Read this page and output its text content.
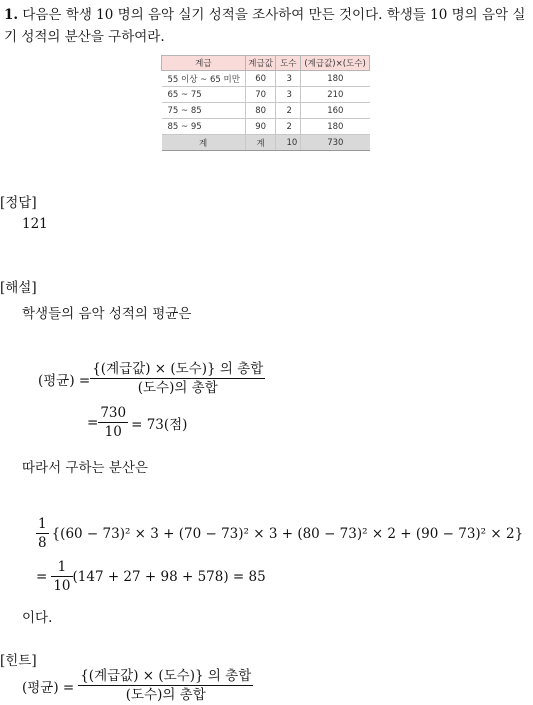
1. 다음은 학생 10 명의 음악 실기 성적을 조사하여 만든 것이다. 학생들 10 명의 음악 실기 성적의 분산을 구하여라.
계급	계급값	도수	(계급값)×(도수)
55 이상 ~ 65 미만	60	3	180
65 ~ 75	70	3	210
75 ~ 85	80	2	160
85 ~ 95	90	2	180
계	계	10	730
[정답]
121
[해설]
학생들의 음악 성적의 평균은
(평균) = $\frac{\text{\{(계급값) × (도수)\} 의 총합}}{\text{(도수)의 총합}}$
= $\frac{730}{10} = 73$(점)
따라서 구하는 분산은
$\frac{1}{8} \{(60 - 73)^2 \times 3 + (70 - 73)^2 \times 3 + (80 - 73)^2 \times 2 + (90 - 73)^2 \times 2\}$
= $\frac{1}{10} (147 + 27 + 98 + 578) = 85$
이다.
[힌트]
(평균) = $\frac{\text{\{(계급값) × (도수)\} 의 총합}}{\text{(도수)의 총합}}$
